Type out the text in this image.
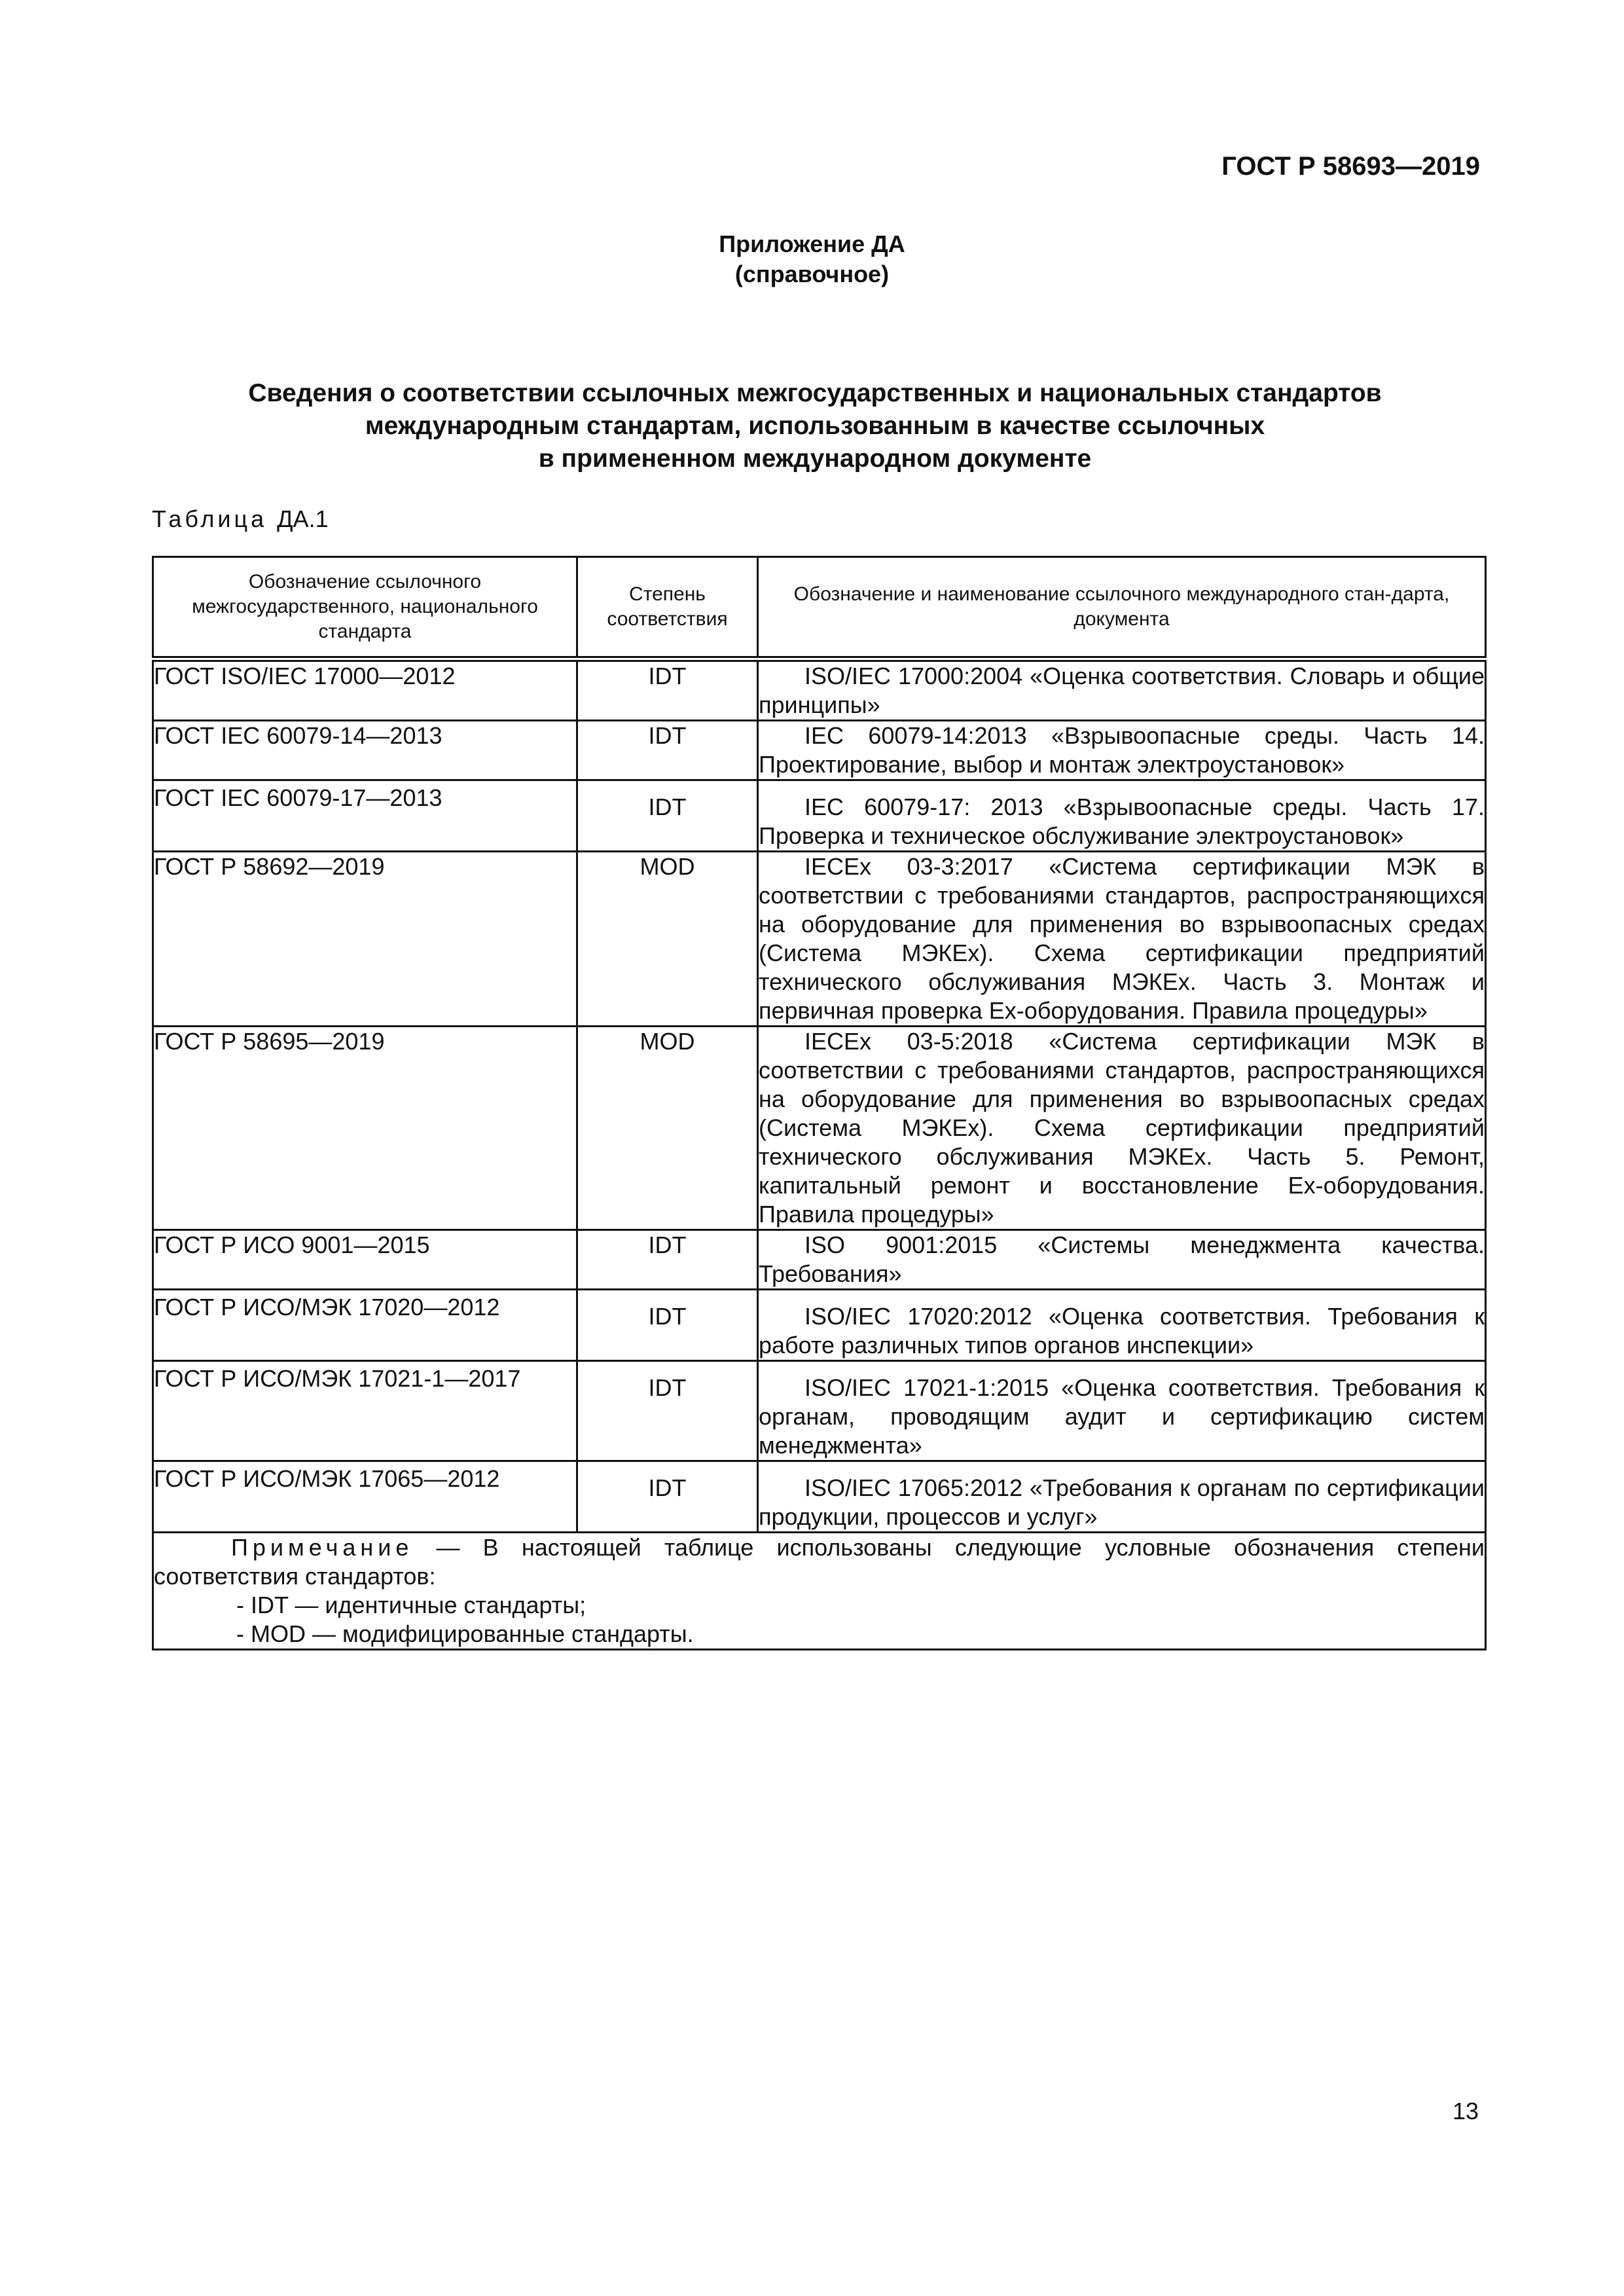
ГОСТ Р 58693—2019
Приложение ДА
(справочное)
Сведения о соответствии ссылочных межгосударственных и национальных стандартов
международным стандартам, использованным в качестве ссылочных
в примененном международном документе
Таблица ДА.1
Обозначение ссылочного межгосударственного, национального стандарта	Степень соответствия	Обозначение и наименование ссылочного международного стан-дарта, документа
ГОСТ ISO/IEC 17000—2012	IDT	ISO/IEC 17000:2004 «Оценка соответствия. Словарь и общие принципы»
ГОСТ IEC 60079-14—2013	IDT	IEC 60079-14:2013 «Взрывоопасные среды. Часть 14. Проектирование, выбор и монтаж электроустановок»
ГОСТ IEC 60079-17—2013	IDT	IEC 60079-17: 2013 «Взрывоопасные среды. Часть 17. Проверка и техническое обслуживание электроустановок»
ГОСТ Р 58692—2019	MOD	IECEx 03-3:2017 «Система сертификации МЭК в соответствии с требованиями стандартов, распространяющихся на оборудование для применения во взрывоопасных средах (Система МЭКЕх). Схема сертификации предприятий технического обслуживания МЭКЕх. Часть 3. Монтаж и первичная проверка Ех-оборудования. Правила процедуры»
ГОСТ Р 58695—2019	MOD	IECEx 03-5:2018 «Система сертификации МЭК в соответствии с требованиями стандартов, распространяющихся на оборудование для применения во взрывоопасных средах (Система МЭКЕх). Схема сертификации предприятий технического обслуживания МЭКЕх. Часть 5. Ремонт, капитальный ремонт и восстановление Ех-оборудования. Правила процедуры»
ГОСТ Р ИСО 9001—2015	IDT	ISO 9001:2015 «Системы менеджмента качества. Требования»
ГОСТ Р ИСО/МЭК 17020—2012	IDT	ISO/IEC 17020:2012 «Оценка соответствия. Требования к работе различных типов органов инспекции»
ГОСТ Р ИСО/МЭК 17021-1—2017	IDT	ISO/IEC 17021-1:2015 «Оценка соответствия. Требования к органам, проводящим аудит и сертификацию систем менеджмента»
ГОСТ Р ИСО/МЭК 17065—2012	IDT	ISO/IEC 17065:2012 «Требования к органам по сертификации продукции, процессов и услуг»

Примечание — В настоящей таблице использованы следующие условные обозначения степени соответствия стандартов:
- IDT — идентичные стандарты;
- MOD — модифицированные стандарты.		
13
